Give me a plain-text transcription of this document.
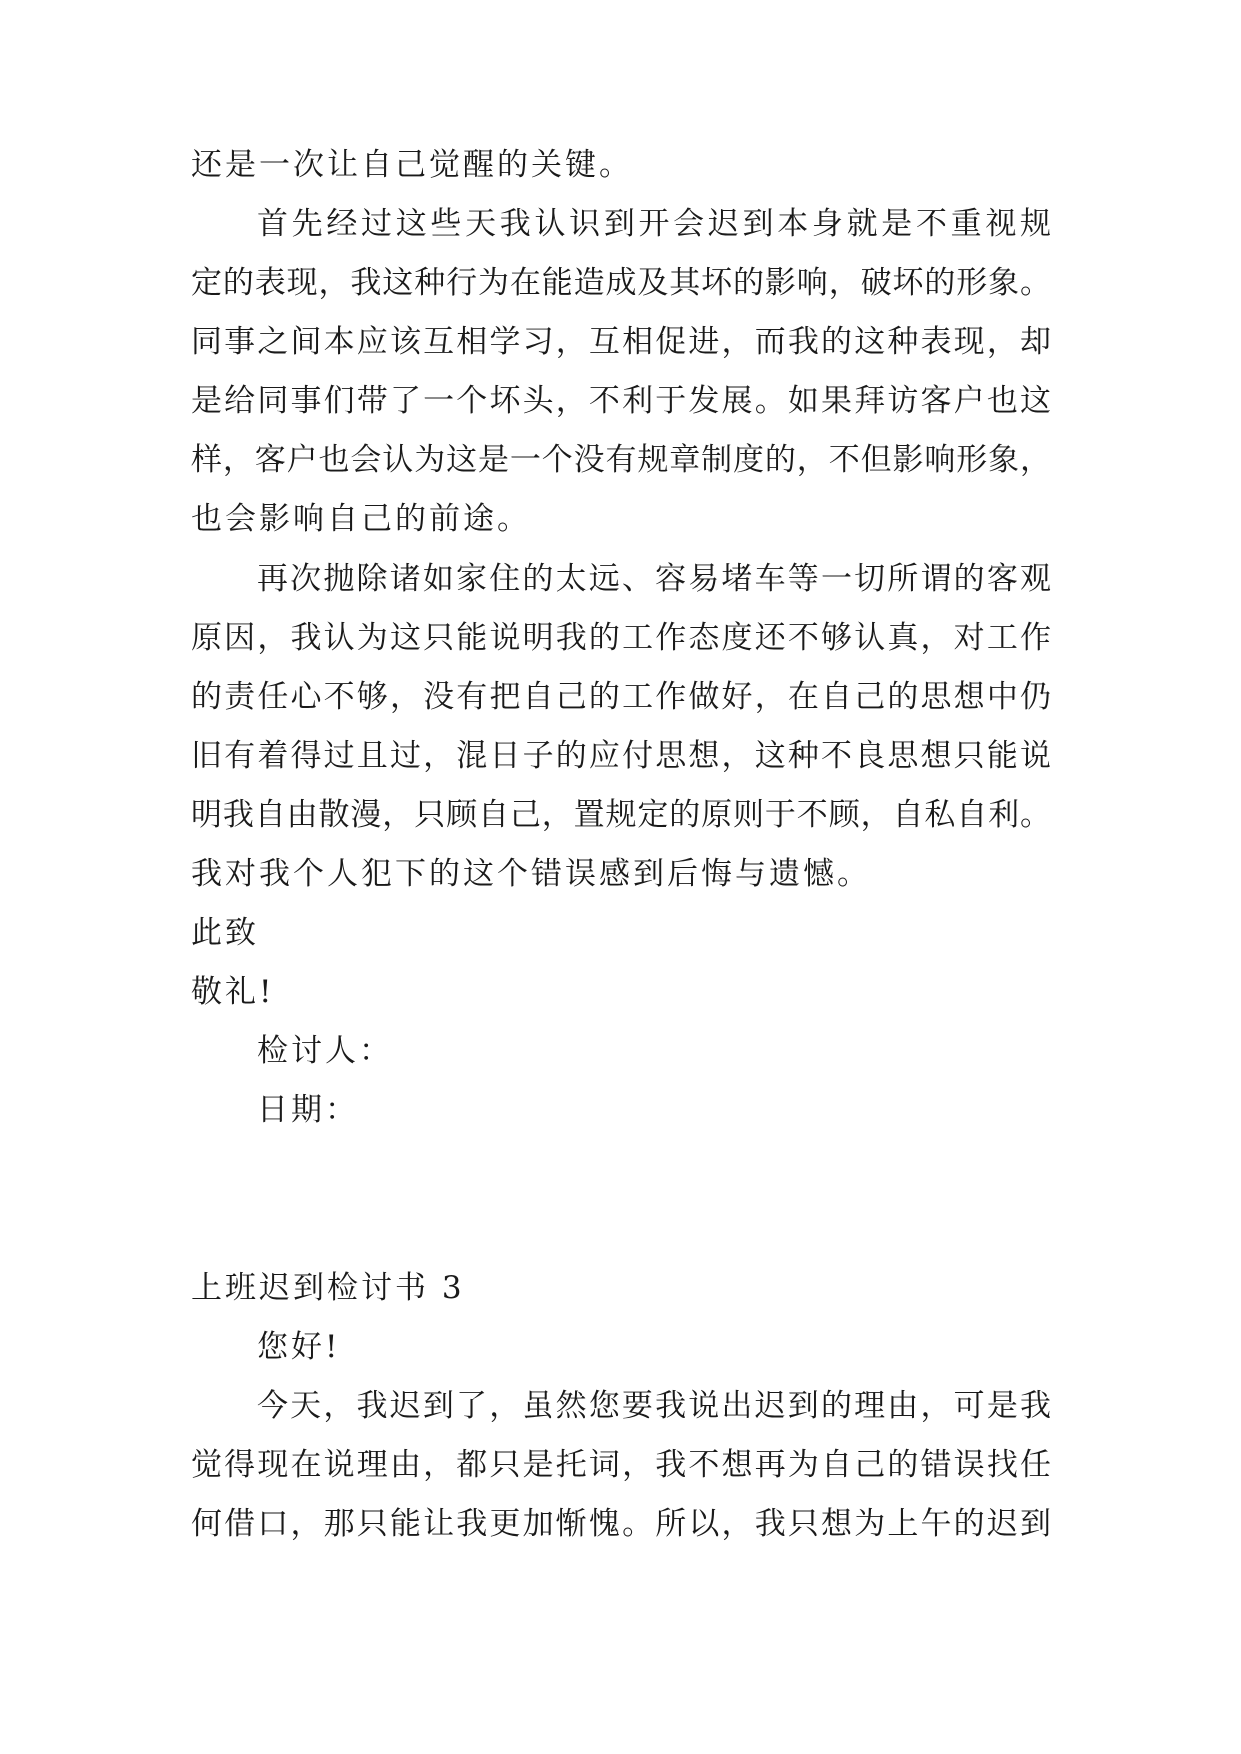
还是一次让自己觉醒的关键。
首先经过这些天我认识到开会迟到本身就是不重视规
定的表现，我这种行为在能造成及其坏的影响，破坏的形象。
同事之间本应该互相学习，互相促进，而我的这种表现，却
是给同事们带了一个坏头，不利于发展。如果拜访客户也这
样，客户也会认为这是一个没有规章制度的，不但影响形象，
也会影响自己的前途。
再次抛除诸如家住的太远、容易堵车等一切所谓的客观
原因，我认为这只能说明我的工作态度还不够认真，对工作
的责任心不够，没有把自己的工作做好，在自己的思想中仍
旧有着得过且过，混日子的应付思想，这种不良思想只能说
明我自由散漫，只顾自己，置规定的原则于不顾，自私自利。
我对我个人犯下的这个错误感到后悔与遗憾。
此致
敬礼!
检讨人：
日期：
上班迟到检讨书 3
您好!
今天，我迟到了，虽然您要我说出迟到的理由，可是我
觉得现在说理由，都只是托词，我不想再为自己的错误找任
何借口，那只能让我更加惭愧。所以，我只想为上午的迟到
